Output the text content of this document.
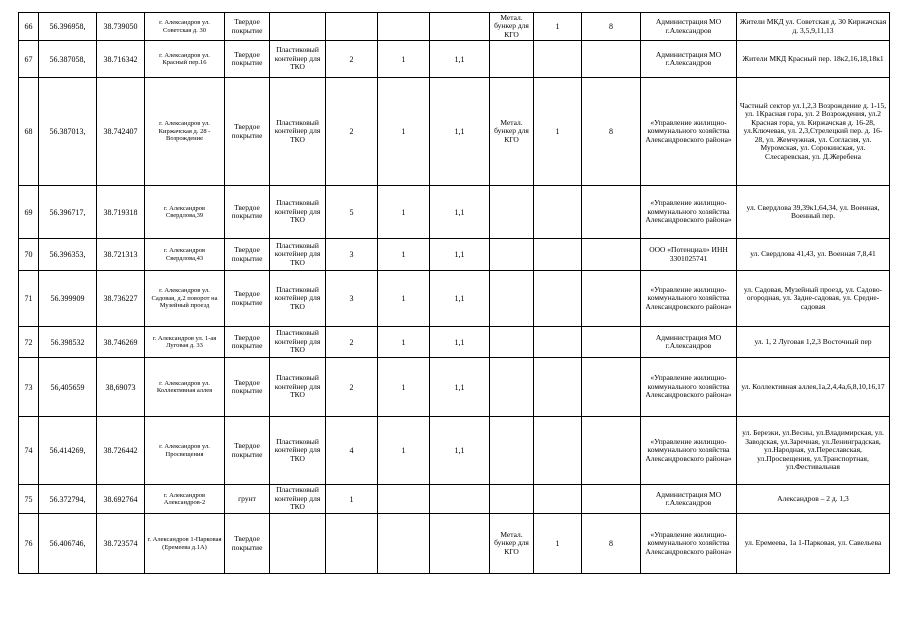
66	56.396958,	38.739050	г. Александров ул. Советская д. 30	Твердое покрытие					Метал. бункер для КГО	1	8	Администрация МО г.Александров	Жители МКД ул. Советская д. 30 Киржачская д. 3,5,9,11,13
67	56.387058,	38.716342	г. Александров ул. Красный пер.16	Твердое покрытие	Пластиковый контейнер для ТКО	2	1	1,1				Администрация МО г.Александров	Жители МКД Красный пер. 18к2,16,18,18к1
68	56.387013,	38.742407	г. Александров ул. Киржачская д. 28 - Возрождение	Твердое покрытие	Пластиковый контейнер для ТКО	2	1	1,1	Метал. бункер для КГО	1	8	«Управление жилищно-коммунального хозяйства Александровского района»	Частный сектор ул.1,2,3 Возрождение д. 1-15, ул. 1Красная гора, ул. 2 Возрождения, ул.2 Красная гора, ул. Киржачская д. 16-28, ул.Ключевая, ул. 2,3,Стрелецкий пер. д. 16-28, ул. Жемчужная, ул. Согласия, ул. Муромская, ул. Сорокинская, ул. Слесаревская, ул. Д.Жеребена
69	56.396717,	38.719318	г. Александров Свердлова,39	Твердое покрытие	Пластиковый контейнер для ТКО	5	1	1,1				«Управление жилищно-коммунального хозяйства Александровского района»	ул. Свердлова 39,39к1,64,34, ул. Военная, Военный пер.
70	56.396353,	38.721313	г. Александров Свердлова,43	Твердое покрытие	Пластиковый контейнер для ТКО	3	1	1,1				ООО «Потенциал» ИНН 3301025741	ул. Свердлова 41,43, ул. Военная 7,8,41
71	56.399909	38.736227	г. Александров ул. Садовая, д.2 поворот на Музейный проезд	Твердое покрытие	Пластиковый контейнер для ТКО	3	1	1,1				«Управление жилищно-коммунального хозяйства Александровского района»	ул. Садовая, Музейный проезд, ул. Садово-огородная, ул. Задне-садовая, ул. Средне-садовая
72	56.398532	38.746269	г. Александров ул. 1-ая Луговая д. 33	Твердое покрытие	Пластиковый контейнер для ТКО	2	1	1,1				Администрация МО г.Александров	ул. 1, 2 Луговая 1,2,3 Восточный пер
73	56,405659	38,69073	г. Александров ул. Коллективная аллея	Твердое покрытие	Пластиковый контейнер для ТКО	2	1	1,1				«Управление жилищно-коммунального хозяйства Александровского района»	ул. Коллективная аллея,1а,2,4,4а,6,8,10,16,17
74	56.414269,	38.726442	г. Александров ул. Просвещения	Твердое покрытие	Пластиковый контейнер для ТКО	4	1	1,1				«Управление жилищно-коммунального хозяйства Александровского района»	ул. Березки, ул.Весны, ул.Владимирская, ул. Заводская, ул.Заречная, ул.Ленинградская, ул.Народная, ул.Переславская, ул.Просвещения, ул.Транспортная, ул.Фестивальная
75	56.372794,	38.692764	г. Александров Александров-2	грунт	Пластиковый контейнер для ТКО	1						Администрация МО г.Александров	Александров – 2 д. 1,3
76	56.406746,	38.723574	г. Александров 1-Парковая (Еремеева д.1А)	Твердое покрытие					Метал. бункер для КГО	1	8	«Управление жилищно-коммунального хозяйства Александровского района»	ул. Еремеева, 1а 1-Парковая, ул. Савельева
